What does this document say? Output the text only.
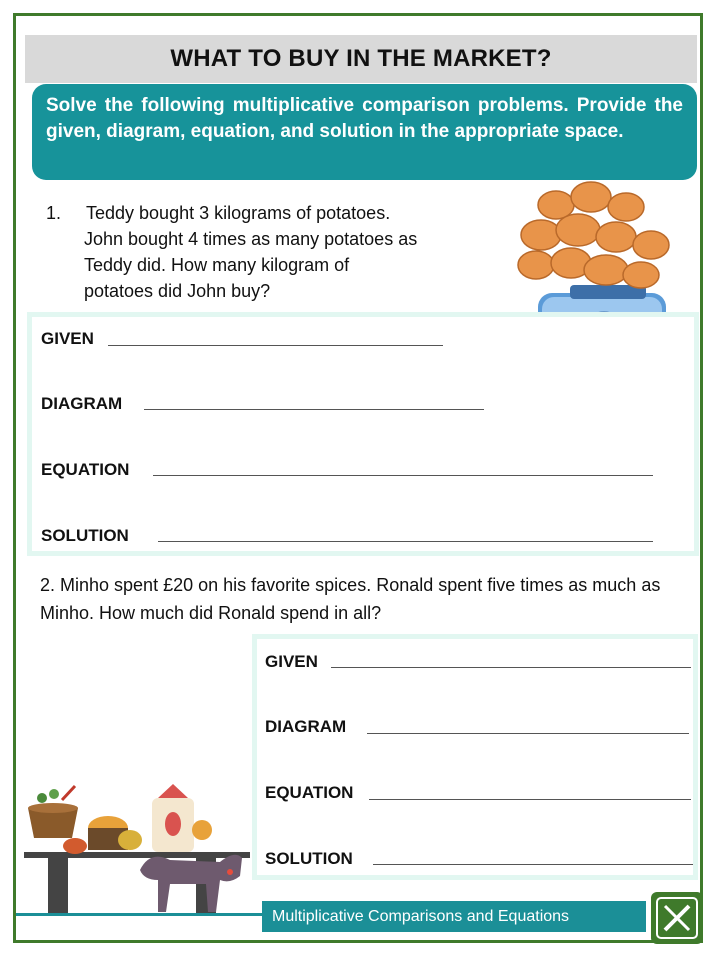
WHAT TO BUY IN THE MARKET?
Solve the following multiplicative comparison problems. Provide the given, diagram, equation, and solution in the appropriate space.
1. Teddy bought 3 kilograms of potatoes.
John bought 4 times as many potatoes as
Teddy did. How many kilogram of
potatoes did John buy?
GIVEN
DIAGRAM
EQUATION
SOLUTION
2. Minho spent £20 on his favorite spices. Ronald spent five times as much as Minho. How much did Ronald spend in all?
GIVEN
DIAGRAM
EQUATION
SOLUTION
Multiplicative Comparisons and Equations
